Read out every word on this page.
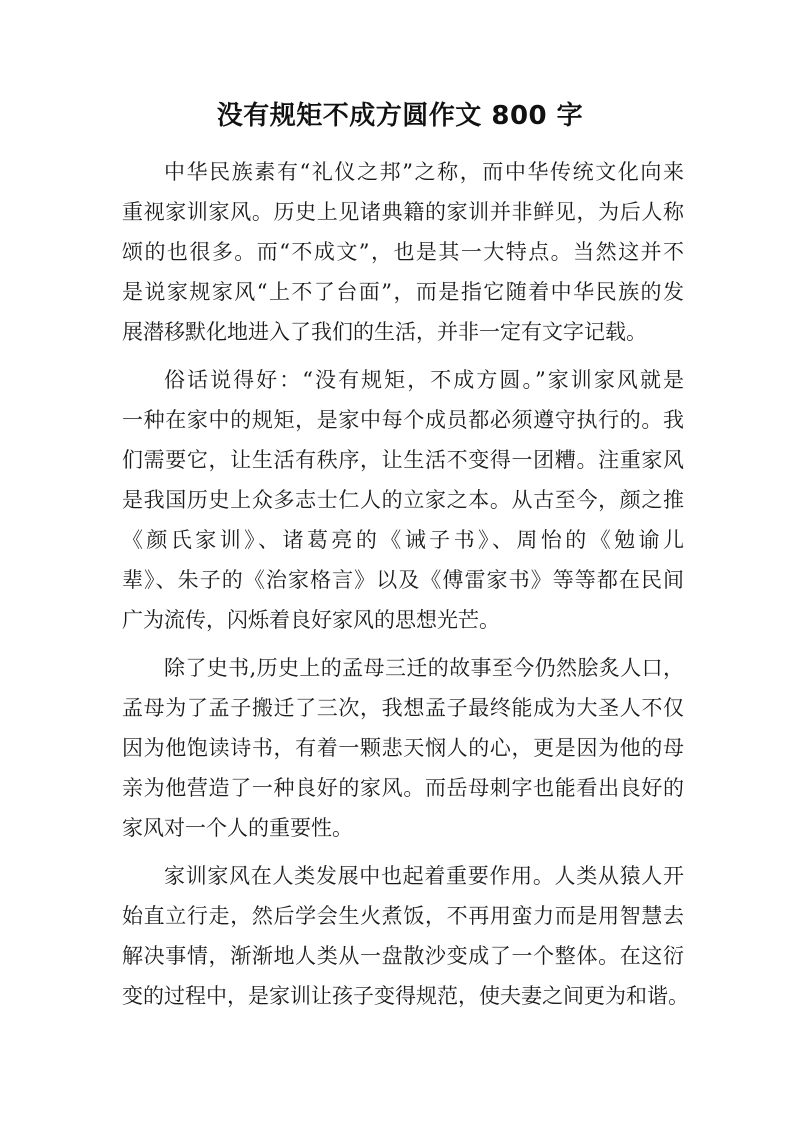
没有规矩不成方圆作文 800 字
中华民族素有“礼仪之邦”之称，而中华传统文化向来
重视家训家风。历史上见诸典籍的家训并非鲜见，为后人称
颂的也很多。而“不成文”，也是其一大特点。当然这并不
是说家规家风“上不了台面”，而是指它随着中华民族的发
展潜移默化地进入了我们的生活，并非一定有文字记载。
俗话说得好：“没有规矩，不成方圆。”家训家风就是
一种在家中的规矩，是家中每个成员都必须遵守执行的。我
们需要它，让生活有秩序，让生活不变得一团糟。注重家风
是我国历史上众多志士仁人的立家之本。从古至今，颜之推
《颜氏家训》、诸葛亮的《诫子书》、周怡的《勉谕儿
辈》、朱子的《治家格言》以及《傅雷家书》等等都在民间
广为流传，闪烁着良好家风的思想光芒。
除了史书,历史上的孟母三迁的故事至今仍然脍炙人口，
孟母为了孟子搬迁了三次，我想孟子最终能成为大圣人不仅
因为他饱读诗书，有着一颗悲天悯人的心，更是因为他的母
亲为他营造了一种良好的家风。而岳母刺字也能看出良好的
家风对一个人的重要性。
家训家风在人类发展中也起着重要作用。人类从猿人开
始直立行走，然后学会生火煮饭，不再用蛮力而是用智慧去
解决事情，渐渐地人类从一盘散沙变成了一个整体。在这衍
变的过程中，是家训让孩子变得规范，使夫妻之间更为和谐。
